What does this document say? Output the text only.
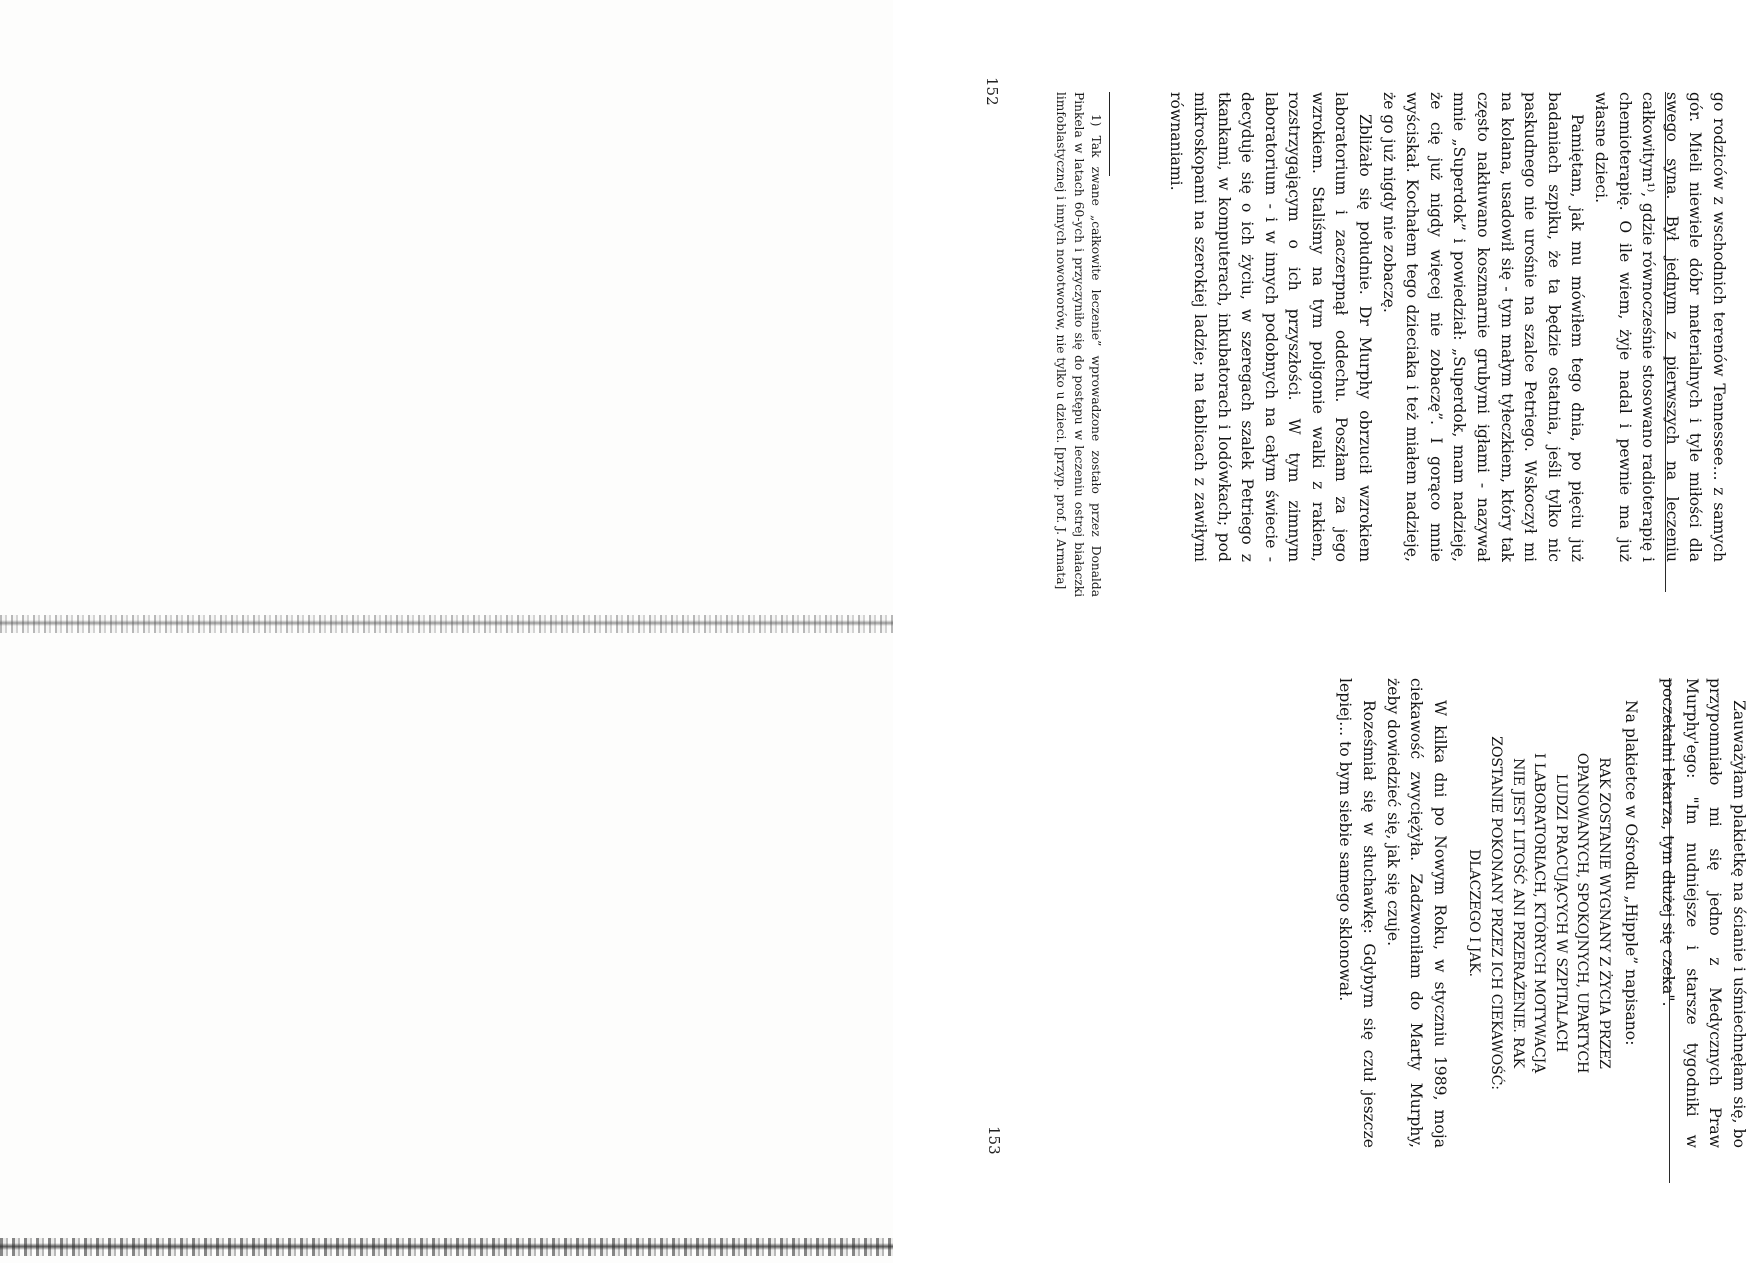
go rodziców z wschodnich terenów Tennessee... z samych gór. Mieli niewiele dóbr materialnych i tyle miłości dla swego syna. Był jednym z pierwszych na leczeniu całkowitym¹⁾, gdzie równocześnie stosowano radioterapię i chemioterapię. O ile wiem, żyje nadal i pewnie ma już własne dzieci.

Pamiętam, jak mu mówiłem tego dnia, po pięciu już badaniach szpiku, że ta będzie ostatnia, jeśli tylko nic paskudnego nie urośnie na szalce Petriego. Wskoczył mi na kolana, usadowił się - tym małym tyłeczkiem, który tak często nakłuwano koszmarnie grubymi igłami - nazywał mnie „Superdok” i powiedział: „Superdok, mam nadzieję, że cię już nigdy więcej nie zobaczę”. I gorąco mnie wyściskał. Kochałem tego dzieciaka i też miałem nadzieję, że go już nigdy nie zobaczę.

Zbliżało się południe. Dr Murphy obrzucił wzrokiem laboratorium i zaczerpnął oddechu. Poszłam za jego wzrokiem. Staliśmy na tym poligonie walki z rakiem, rozstrzygającym o ich przyszłości. W tym zimnym laboratorium - i w innych podobnych na całym świecie - decyduje się o ich życiu, w szeregach szalek Petriego z tkankami, w komputerach, inkubatorach i lodówkach; pod mikroskopami na szerokiej ladzie; na tablicach z zawiłymi równaniami.

1) Tak zwane „całkowite leczenie” wprowadzone zostało przez Donalda Pinkela w latach 60-ych i przyczyniło się do postępu w leczeniu ostrej białaczki limfoblastycznej i innych nowotworów, nie tylko u dzieci. [przyp. prof. J. Armata]
152

Zauważyłam plakietkę na ścianie i uśmiechnęłam się, bo przypomniało mi się jedno z Medycznych Praw Murphy'ego: "Im nudniejsze i starsze tygodniki w poczekalni lekarza, tym dłużej się czeka".

Na plakietce w Ośrodku „Hipple” napisano:

RAK ZOSTANIE WYGNANY Z ŻYCIA PRZEZ
OPANOWANYCH, SPOKOJNYCH, UPARTYCH
LUDZI PRACUJĄCYCH W SZPITALACH
I LABORATORIACH, KTÓRYCH MOTYWACJĄ
NIE JEST LITOŚĆ ANI PRZERAŻENIE. RAK
ZOSTANIE POKONANY PRZEZ ICH CIEKAWOŚĆ:
DLACZEGO I JAK.

W kilka dni po Nowym Roku, w styczniu 1989, moja ciekawość zwyciężyła. Zadzwoniłam do Marty Murphy, żeby dowiedzieć się, jak się czuje.

Roześmiał się w słuchawkę: Gdybym się czuł jeszcze lepiej... to bym siebie samego sklonował.

153
